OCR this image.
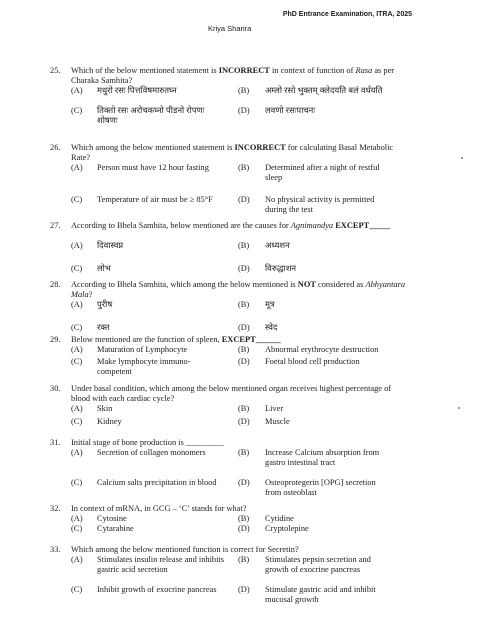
PhD Entrance Examination, ITRA, 2025
Kriya Sharira
25. Which of the below mentioned statement is INCORRECT in context of function of Rasa as per Charaka Samhita?
(A) मधुरो रसः पित्तविषमारुतघ्न	(B) अम्लो रसो भुक्तम् क्लेदयति बलं वर्धयति
(C) तिक्तो रसः अरोचकघ्नो पीडनो रोपणः शोषणः
(D) लवणो रसःपाचनः
26. Which among the below mentioned statement is INCORRECT for calculating Basal Metabolic Rate?
(A) Person must have 12 hour fasting	(B) Determined after a night of restful sleep
(C) Temperature of air must be ≥ 85°F	(D) No physical activity is permitted during the test
27. According to Bhela Samhita, below mentioned are the causes for Agnimandya EXCEPT_____
(A) दिवास्वप्न	(B) अध्यशन
(C) लोभ	(D) विरुद्धाशन
28. According to Bhela Samhita, which among the below mentioned is NOT considered as Abhyantara Mala?
(A) पुरीष	(B) मूत्र
(C) रक्त	(D) स्वेद
29. Below mentioned are the function of spleen, EXCEPT______
(A) Maturation of Lymphocyte	(B) Abnormal erythrocyte destruction
(C) Make lymphocyte immuno-competent
(D) Foetal blood cell production
30. Under basal condition, which among the below mentioned organ receives highest percentage of blood with each cardiac cycle?
(A) Skin	(B) Liver
(C) Kidney	(D) Muscle
31. Initial stage of bone production is _________
(A) Secretion of collagen monomers	(B) Increase Calcium absorption from gastro intestinal tract
(C) Calcium salts precipitation in blood	(D) Osteoprotegerin [OPG] secretion from osteoblast
32. In context of mRNA, in GCG – ‘C’ stands for what?
(A) Cytosine	(B) Cytidine
(C) Cytarabine	(D) Cryptolepine
33. Which among the below mentioned function is correct for Secretin?
(A) Stimulates insulin release and inhibits gastric acid secretion
(B) Stimulates pepsin secretion and growth of exocrine pancreas
(C) Inhibit growth of exocrine pancreas	(D) Stimulate gastric acid and inhibit mucosal growth
